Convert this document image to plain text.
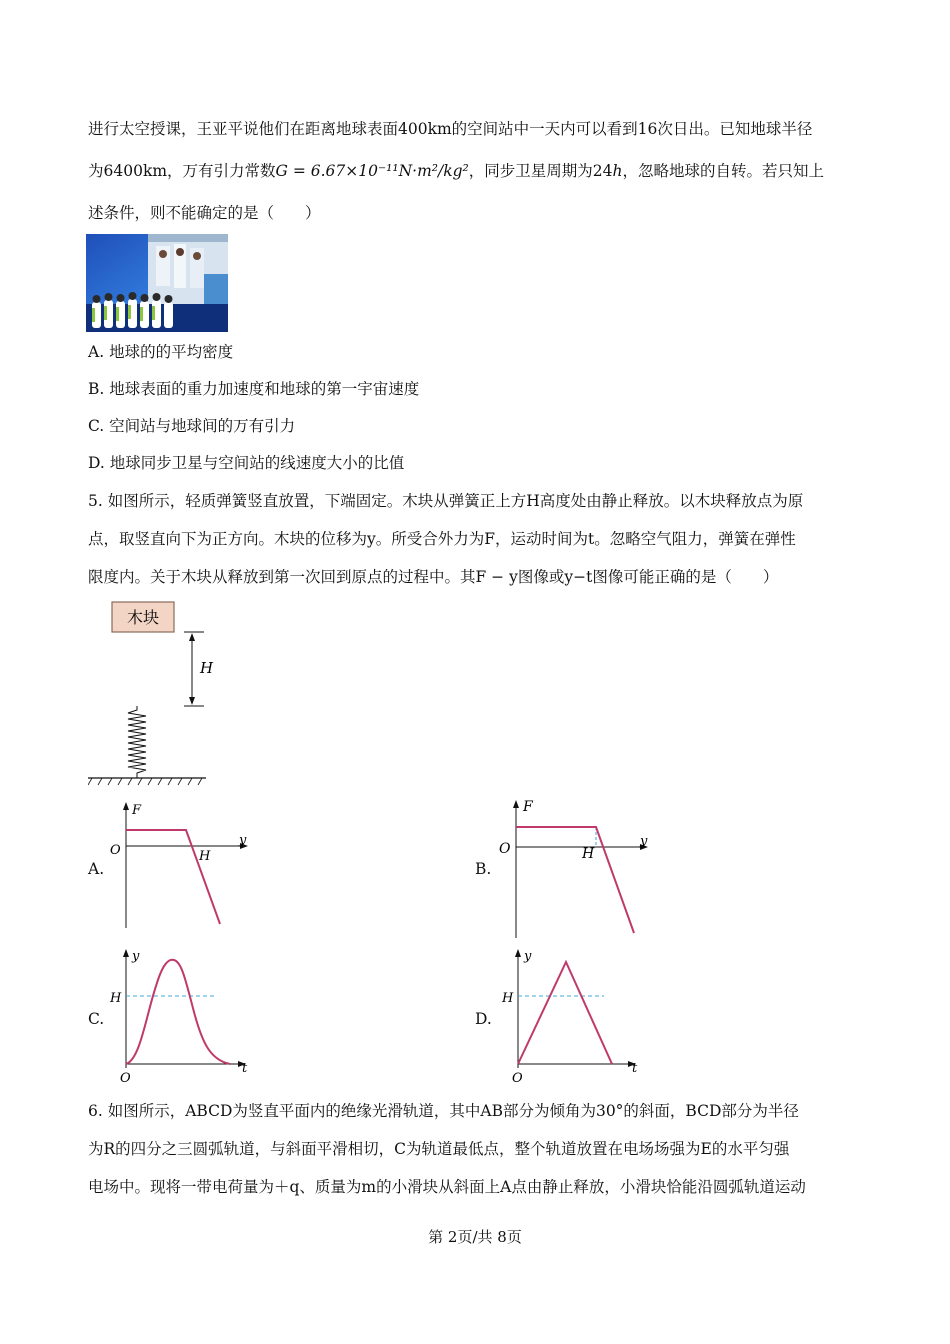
进行太空授课，王亚平说他们在距离地球表面400km的空间站中一天内可以看到16次日出。已知地球半径
为6400km，万有引力常数G = 6.67×10⁻¹¹N·m²/kg²，同步卫星周期为24h，忽略地球的自转。若只知上
述条件，则不能确定的是（　　）
A. 地球的的平均密度
B. 地球表面的重力加速度和地球的第一宇宙速度
C. 空间站与地球间的万有引力
D. 地球同步卫星与空间站的线速度大小的比值
5. 如图所示，轻质弹簧竖直放置，下端固定。木块从弹簧正上方H高度处由静止释放。以木块释放点为原
点，取竖直向下为正方向。木块的位移为y。所受合外力为F，运动时间为t。忽略空气阻力，弹簧在弹性
限度内。关于木块从释放到第一次回到原点的过程中。其F − y图像或y−t图像可能正确的是（　　）
木块
H
A.
F
O
y
H
B.
F
O	y
H
C.
y
H
O
t
D.
y
H
O
t
6. 如图所示，ABCD为竖直平面内的绝缘光滑轨道，其中AB部分为倾角为30°的斜面，BCD部分为半径
为R的四分之三圆弧轨道，与斜面平滑相切，C为轨道最低点，整个轨道放置在电场场强为E的水平匀强
电场中。现将一带电荷量为＋q、质量为m的小滑块从斜面上A点由静止释放，小滑块恰能沿圆弧轨道运动
第 2页/共 8页
